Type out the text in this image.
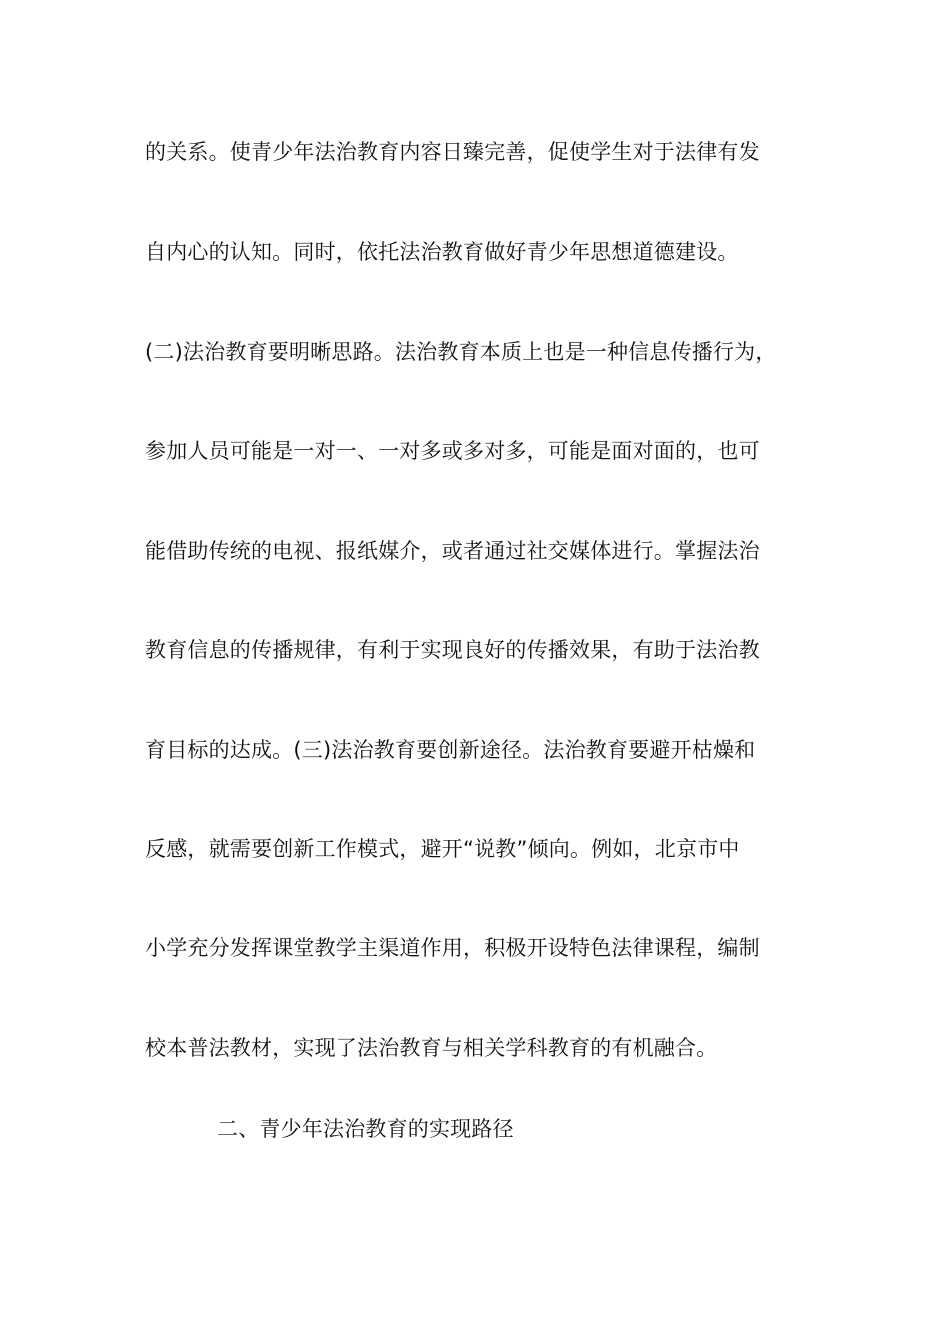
的关系。使青少年法治教育内容日臻完善，促使学生对于法律有发
自内心的认知。同时，依托法治教育做好青少年思想道德建设。
(二)法治教育要明晰思路。法治教育本质上也是一种信息传播行为，
参加人员可能是一对一、一对多或多对多，可能是面对面的，也可
能借助传统的电视、报纸媒介，或者通过社交媒体进行。掌握法治
教育信息的传播规律，有利于实现良好的传播效果，有助于法治教
育目标的达成。(三)法治教育要创新途径。法治教育要避开枯燥和
反感，就需要创新工作模式，避开“说教”倾向。例如，北京市中
小学充分发挥课堂教学主渠道作用，积极开设特色法律课程，编制
校本普法教材，实现了法治教育与相关学科教育的有机融合。
二、青少年法治教育的实现路径
